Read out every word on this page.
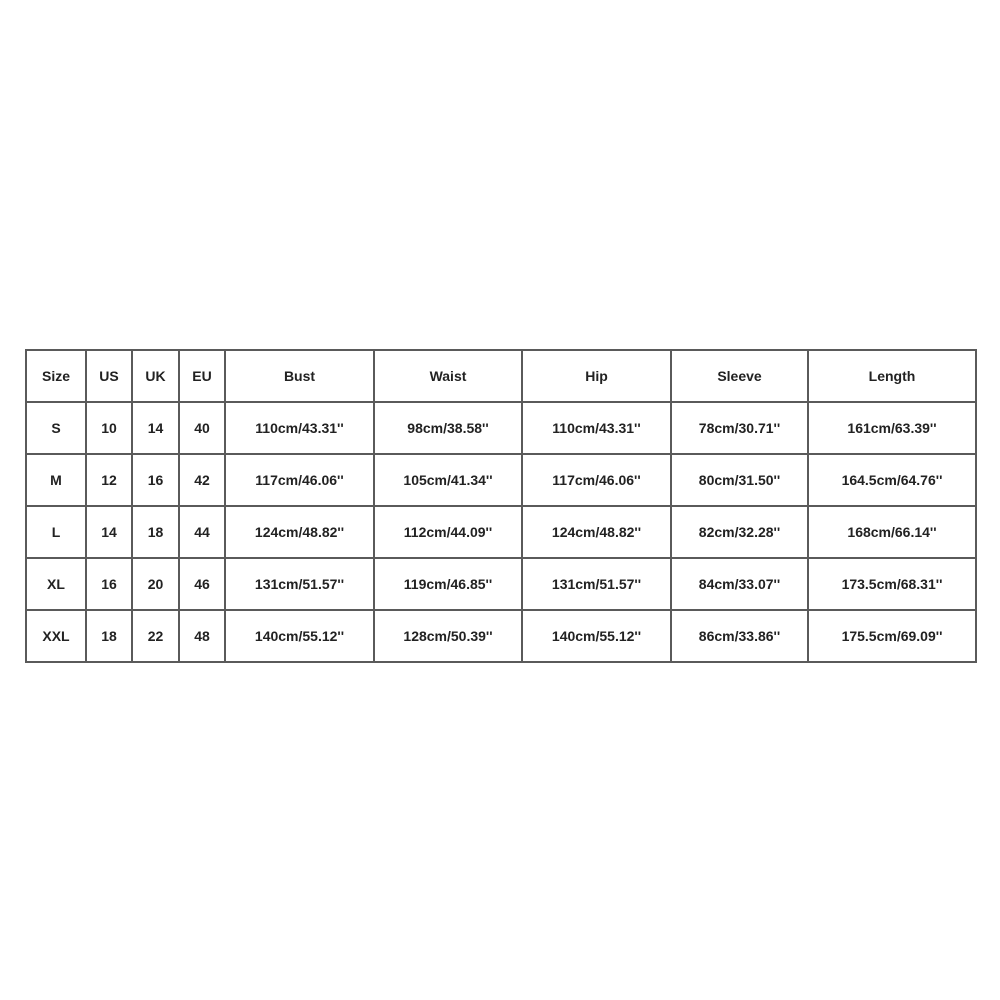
Size	US	UK	EU	Bust	Waist	Hip	Sleeve	Length
S	10	14	40	110cm/43.31''	98cm/38.58''	110cm/43.31''	78cm/30.71''	161cm/63.39''
M	12	16	42	117cm/46.06''	105cm/41.34''	117cm/46.06''	80cm/31.50''	164.5cm/64.76''
L	14	18	44	124cm/48.82''	112cm/44.09''	124cm/48.82''	82cm/32.28''	168cm/66.14''
XL	16	20	46	131cm/51.57''	119cm/46.85''	131cm/51.57''	84cm/33.07''	173.5cm/68.31''
XXL	18	22	48	140cm/55.12''	128cm/50.39''	140cm/55.12''	86cm/33.86''	175.5cm/69.09''
